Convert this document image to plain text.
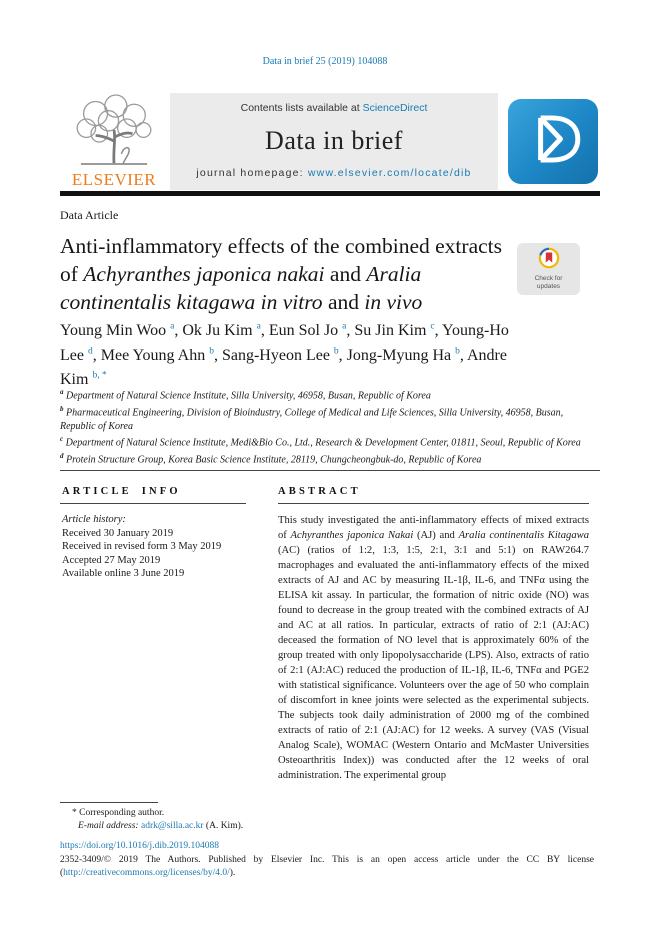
Data in brief 25 (2019) 104088
ELSEVIER
Contents lists available at ScienceDirect
Data in brief
journal homepage: www.elsevier.com/locate/dib
Data Article
Anti-inflammatory effects of the combined extracts of Achyranthes japonica nakai and Aralia continentalis kitagawa in vitro and in vivo
Check for
updates
Young Min Woo $^a$, Ok Ju Kim $^a$, Eun Sol Jo $^a$, Su Jin Kim $^c$, Young-Ho Lee $^d$, Mee Young Ahn $^b$, Sang-Hyeon Lee $^b$, Jong-Myung Ha $^b$, Andre Kim $^{b, *}$
$^a$ Department of Natural Science Institute, Silla University, 46958, Busan, Republic of Korea
$^b$ Pharmaceutical Engineering, Division of Bioindustry, College of Medical and Life Sciences, Silla University, 46958, Busan, Republic of Korea
$^c$ Department of Natural Science Institute, Medi&Bio Co., Ltd., Research & Development Center, 01811, Seoul, Republic of Korea
$^d$ Protein Structure Group, Korea Basic Science Institute, 28119, Chungcheongbuk-do, Republic of Korea
ARTICLE INFO	ABSTRACT
Article history:
Received 30 January 2019
Received in revised form 3 May 2019
Accepted 27 May 2019
Available online 3 June 2019
This study investigated the anti-inflammatory effects of mixed extracts of Achyranthes japonica Nakai (AJ) and Aralia continentalis Kitagawa (AC) (ratios of 1:2, 1:3, 1:5, 2:1, 3:1 and 5:1) on RAW264.7 macrophages and evaluated the anti-inflammatory effects of the mixed extracts of AJ and AC by measuring IL-1β, IL-6, and TNFα using the ELISA kit assay. In particular, the formation of nitric oxide (NO) was found to decrease in the group treated with the combined extracts of AJ and AC at all ratios. In particular, extracts of ratio of 2:1 (AJ:AC) deceased the formation of NO level that is approximately 60% of the group treated with only lipopolysaccharide (LPS). Also, extracts of ratio of 2:1 (AJ:AC) reduced the production of IL-1β, IL-6, TNFα and PGE2 with statistical significance. Volunteers over the age of 50 who complain of discomfort in knee joints were selected as the experimental subjects. The subjects took daily administration of 2000 mg of the combined extracts of ratio of 2:1 (AJ:AC) for 12 weeks. A survey (VAS (Visual Analog Scale), WOMAC (Western Ontario and McMaster Universities Osteoarthritis Index)) was conducted after the 12 weeks of oral administration. The experimental group
* Corresponding author.
E-mail address: adrk@silla.ac.kr (A. Kim).
https://doi.org/10.1016/j.dib.2019.104088
2352-3409/© 2019 The Authors. Published by Elsevier Inc. This is an open access article under the CC BY license (http://creativecommons.org/licenses/by/4.0/).
